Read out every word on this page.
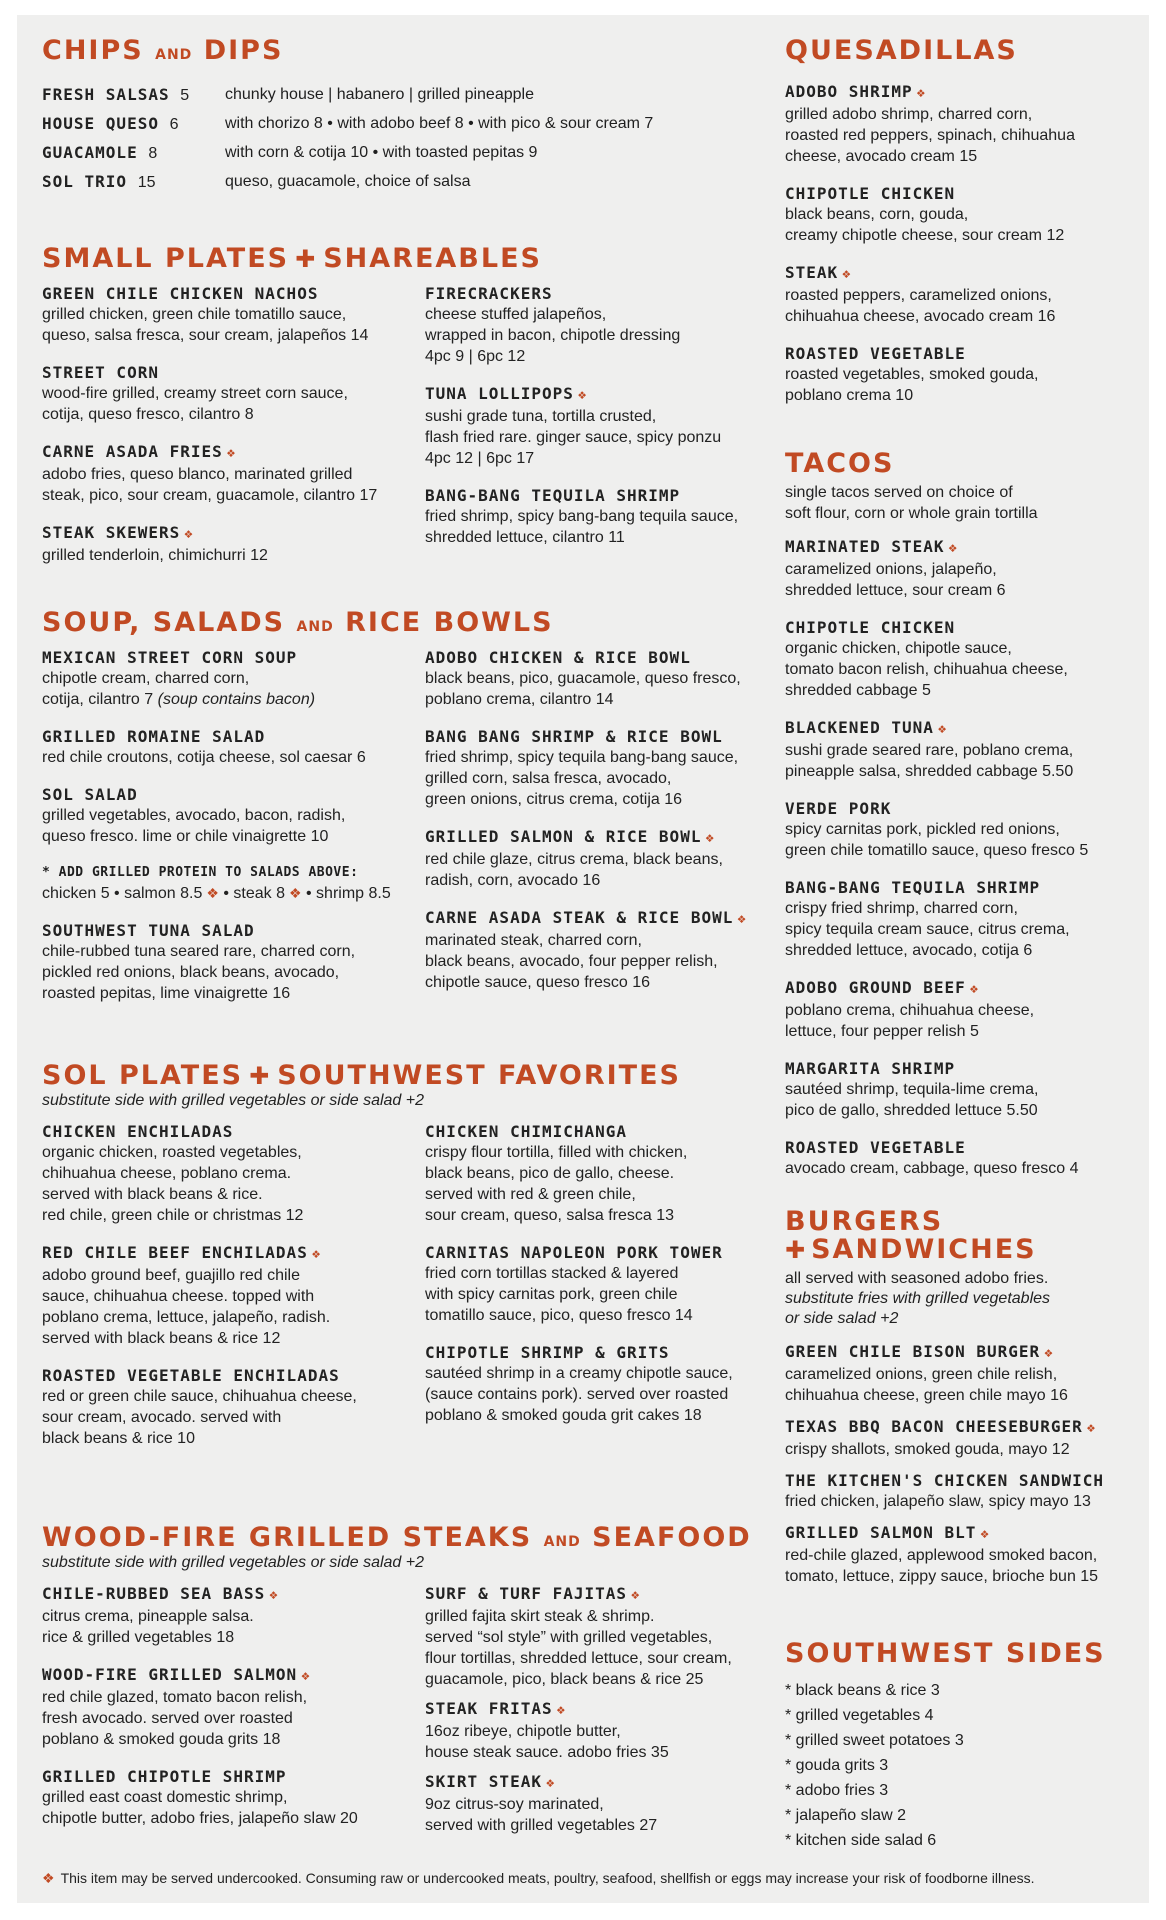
CHIPS AND DIPS
FRESH SALSAS 5 chunky house | habanero | grilled pineapple
HOUSE QUESO 6	with chorizo 8 • with adobo beef 8 • with pico & sour cream 7
GUACAMOLE 8	with corn & cotija 10 • with toasted pepitas 9
SOL TRIO 15	queso, guacamole, choice of salsa
SMALL PLATES ✚ SHAREABLES
GREEN CHILE CHICKEN NACHOS
grilled chicken, green chile tomatillo sauce,
queso, salsa fresca, sour cream, jalapeños 14
STREET CORN
wood-fire grilled, creamy street corn sauce,
cotija, queso fresco, cilantro 8
CARNE ASADA FRIES ❖
adobo fries, queso blanco, marinated grilled
steak, pico, sour cream, guacamole, cilantro 17
STEAK SKEWERS ❖
grilled tenderloin, chimichurri 12
FIRECRACKERS
cheese stuffed jalapeños,
wrapped in bacon, chipotle dressing
4pc 9 | 6pc 12
TUNA LOLLIPOPS ❖
sushi grade tuna, tortilla crusted,
flash fried rare. ginger sauce, spicy ponzu
4pc 12 | 6pc 17
BANG-BANG TEQUILA SHRIMP
fried shrimp, spicy bang-bang tequila sauce,
shredded lettuce, cilantro 11
SOUP, SALADS AND RICE BOWLS
MEXICAN STREET CORN SOUP
chipotle cream, charred corn,
cotija, cilantro 7 (soup contains bacon)
GRILLED ROMAINE SALAD
red chile croutons, cotija cheese, sol caesar 6
SOL SALAD
grilled vegetables, avocado, bacon, radish,
queso fresco. lime or chile vinaigrette 10
* ADD GRILLED PROTEIN TO SALADS ABOVE:
chicken 5 • salmon 8.5 ❖ • steak 8 ❖ • shrimp 8.5
SOUTHWEST TUNA SALAD
chile-rubbed tuna seared rare, charred corn,
pickled red onions, black beans, avocado,
roasted pepitas, lime vinaigrette 16
ADOBO CHICKEN & RICE BOWL
black beans, pico, guacamole, queso fresco,
poblano crema, cilantro 14
BANG BANG SHRIMP & RICE BOWL
fried shrimp, spicy tequila bang-bang sauce,
grilled corn, salsa fresca, avocado,
green onions, citrus crema, cotija 16
GRILLED SALMON & RICE BOWL ❖
red chile glaze, citrus crema, black beans,
radish, corn, avocado 16
CARNE ASADA STEAK & RICE BOWL ❖
marinated steak, charred corn,
black beans, avocado, four pepper relish,
chipotle sauce, queso fresco 16
SOL PLATES ✚ SOUTHWEST FAVORITES
substitute side with grilled vegetables or side salad +2
CHICKEN ENCHILADAS
organic chicken, roasted vegetables,
chihuahua cheese, poblano crema.
served with black beans & rice.
red chile, green chile or christmas 12
RED CHILE BEEF ENCHILADAS ❖
adobo ground beef, guajillo red chile
sauce, chihuahua cheese. topped with
poblano crema, lettuce, jalapeño, radish.
served with black beans & rice 12
ROASTED VEGETABLE ENCHILADAS
red or green chile sauce, chihuahua cheese,
sour cream, avocado. served with
black beans & rice 10
CHICKEN CHIMICHANGA
crispy flour tortilla, filled with chicken,
black beans, pico de gallo, cheese.
served with red & green chile,
sour cream, queso, salsa fresca 13
CARNITAS NAPOLEON PORK TOWER
fried corn tortillas stacked & layered
with spicy carnitas pork, green chile
tomatillo sauce, pico, queso fresco 14
CHIPOTLE SHRIMP & GRITS
sautéed shrimp in a creamy chipotle sauce,
(sauce contains pork). served over roasted
poblano & smoked gouda grit cakes 18
WOOD-FIRE GRILLED STEAKS AND SEAFOOD
substitute side with grilled vegetables or side salad +2
CHILE-RUBBED SEA BASS ❖
citrus crema, pineapple salsa.
rice & grilled vegetables 18
WOOD-FIRE GRILLED SALMON ❖
red chile glazed, tomato bacon relish,
fresh avocado. served over roasted
poblano & smoked gouda grits 18
GRILLED CHIPOTLE SHRIMP
grilled east coast domestic shrimp,
chipotle butter, adobo fries, jalapeño slaw 20
SURF & TURF FAJITAS ❖
grilled fajita skirt steak & shrimp.
served “sol style” with grilled vegetables,
flour tortillas, shredded lettuce, sour cream,
guacamole, pico, black beans & rice 25
STEAK FRITAS ❖
16oz ribeye, chipotle butter,
house steak sauce. adobo fries 35
SKIRT STEAK ❖
9oz citrus-soy marinated,
served with grilled vegetables 27
QUESADILLAS
ADOBO SHRIMP ❖
grilled adobo shrimp, charred corn,
roasted red peppers, spinach, chihuahua
cheese, avocado cream 15
CHIPOTLE CHICKEN
black beans, corn, gouda,
creamy chipotle cheese, sour cream 12
STEAK ❖
roasted peppers, caramelized onions,
chihuahua cheese, avocado cream 16
ROASTED VEGETABLE
roasted vegetables, smoked gouda,
poblano crema 10
TACOS
single tacos served on choice of
soft flour, corn or whole grain tortilla
MARINATED STEAK ❖
caramelized onions, jalapeño,
shredded lettuce, sour cream 6
CHIPOTLE CHICKEN
organic chicken, chipotle sauce,
tomato bacon relish, chihuahua cheese,
shredded cabbage 5
BLACKENED TUNA ❖
sushi grade seared rare, poblano crema,
pineapple salsa, shredded cabbage 5.50
VERDE PORK
spicy carnitas pork, pickled red onions,
green chile tomatillo sauce, queso fresco 5
BANG-BANG TEQUILA SHRIMP
crispy fried shrimp, charred corn,
spicy tequila cream sauce, citrus crema,
shredded lettuce, avocado, cotija 6
ADOBO GROUND BEEF ❖
poblano crema, chihuahua cheese,
lettuce, four pepper relish 5
MARGARITA SHRIMP
sautéed shrimp, tequila-lime crema,
pico de gallo, shredded lettuce 5.50
ROASTED VEGETABLE
avocado cream, cabbage, queso fresco 4
BURGERS
✚ SANDWICHES
all served with seasoned adobo fries.
substitute fries with grilled vegetables
or side salad +2
GREEN CHILE BISON BURGER ❖
caramelized onions, green chile relish,
chihuahua cheese, green chile mayo 16
TEXAS BBQ BACON CHEESEBURGER ❖
crispy shallots, smoked gouda, mayo 12
THE KITCHEN'S CHICKEN SANDWICH
fried chicken, jalapeño slaw, spicy mayo 13
GRILLED SALMON BLT ❖
red-chile glazed, applewood smoked bacon,
tomato, lettuce, zippy sauce, brioche bun 15
SOUTHWEST SIDES
* black beans & rice 3
* grilled vegetables 4
* grilled sweet potatoes 3
* gouda grits 3
* adobo fries 3
* jalapeño slaw 2
* kitchen side salad 6
❖ This item may be served undercooked. Consuming raw or undercooked meats, poultry, seafood, shellfish or eggs may increase your risk of foodborne illness.
